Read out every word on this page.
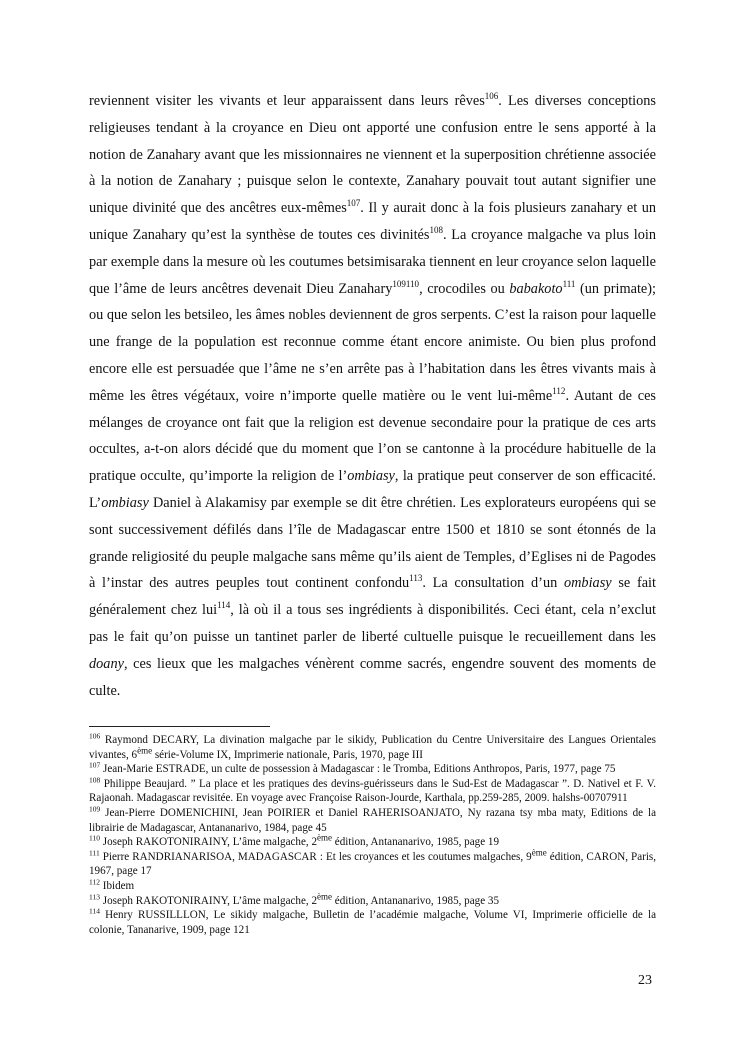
reviennent visiter les vivants et leur apparaissent dans leurs rêves$^{106}$. Les diverses conceptions religieuses tendant à la croyance en Dieu ont apporté une confusion entre le sens apporté à la notion de Zanahary avant que les missionnaires ne viennent et la superposition chrétienne associée à la notion de Zanahary ; puisque selon le contexte, Zanahary pouvait tout autant signifier une unique divinité que des ancêtres eux-mêmes$^{107}$. Il y aurait donc à la fois plusieurs zanahary et un unique Zanahary qu’est la synthèse de toutes ces divinités$^{108}$. La croyance malgache va plus loin par exemple dans la mesure où les coutumes betsimisaraka tiennent en leur croyance selon laquelle que l’âme de leurs ancêtres devenait Dieu Zanahary$^{109110}$, crocodiles ou babakoto$^{111}$ (un primate); ou que selon les betsileo, les âmes nobles deviennent de gros serpents. C’est la raison pour laquelle une frange de la population est reconnue comme étant encore animiste. Ou bien plus profond encore elle est persuadée que l’âme ne s’en arrête pas à l’habitation dans les êtres vivants mais à même les êtres végétaux, voire n’importe quelle matière ou le vent lui-même$^{112}$. Autant de ces mélanges de croyance ont fait que la religion est devenue secondaire pour la pratique de ces arts occultes, a-t-on alors décidé que du moment que l’on se cantonne à la procédure habituelle de la pratique occulte, qu’importe la religion de l’ombiasy, la pratique peut conserver de son efficacité. L’ombiasy Daniel à Alakamisy par exemple se dit être chrétien. Les explorateurs européens qui se sont successivement défilés dans l’île de Madagascar entre 1500 et 1810 se sont étonnés de la grande religiosité du peuple malgache sans même qu’ils aient de Temples, d’Eglises ni de Pagodes à l’instar des autres peuples tout continent confondu$^{113}$. La consultation d’un ombiasy se fait généralement chez lui$^{114}$, là où il a tous ses ingrédients à disponibilités. Ceci étant, cela n’exclut pas le fait qu’on puisse un tantinet parler de liberté cultuelle puisque le recueillement dans les doany, ces lieux que les malgaches vénèrent comme sacrés, engendre souvent des moments de culte.

$^{106}$ Raymond DECARY, La divination malgache par le sikidy, Publication du Centre Universitaire des Langues Orientales vivantes, 6ème série-Volume IX, Imprimerie nationale, Paris, 1970, page III

$^{107}$ Jean-Marie ESTRADE, un culte de possession à Madagascar : le Tromba, Editions Anthropos, Paris, 1977, page 75

$^{108}$ Philippe Beaujard. ” La place et les pratiques des devins-guérisseurs dans le Sud-Est de Madagascar ”. D. Nativel et F. V. Rajaonah. Madagascar revisitée. En voyage avec Françoise Raison-Jourde, Karthala, pp.259-285, 2009. halshs-00707911

$^{109}$ Jean-Pierre DOMENICHINI, Jean POIRIER et Daniel RAHERISOANJATO, Ny razana tsy mba maty, Editions de la librairie de Madagascar, Antananarivo, 1984, page 45

$^{110}$ Joseph RAKOTONIRAINY, L’âme malgache, 2ème édition, Antananarivo, 1985, page 19

$^{111}$ Pierre RANDRIANARISOA, MADAGASCAR : Et les croyances et les coutumes malgaches, 9ème édition, CARON, Paris, 1967, page 17

$^{112}$ Ibidem

$^{113}$ Joseph RAKOTONIRAINY, L’âme malgache, 2ème édition, Antananarivo, 1985, page 35

$^{114}$ Henry RUSSILLLON, Le sikidy malgache, Bulletin de l’académie malgache, Volume VI, Imprimerie officielle de la colonie, Tananarive, 1909, page 121

23
